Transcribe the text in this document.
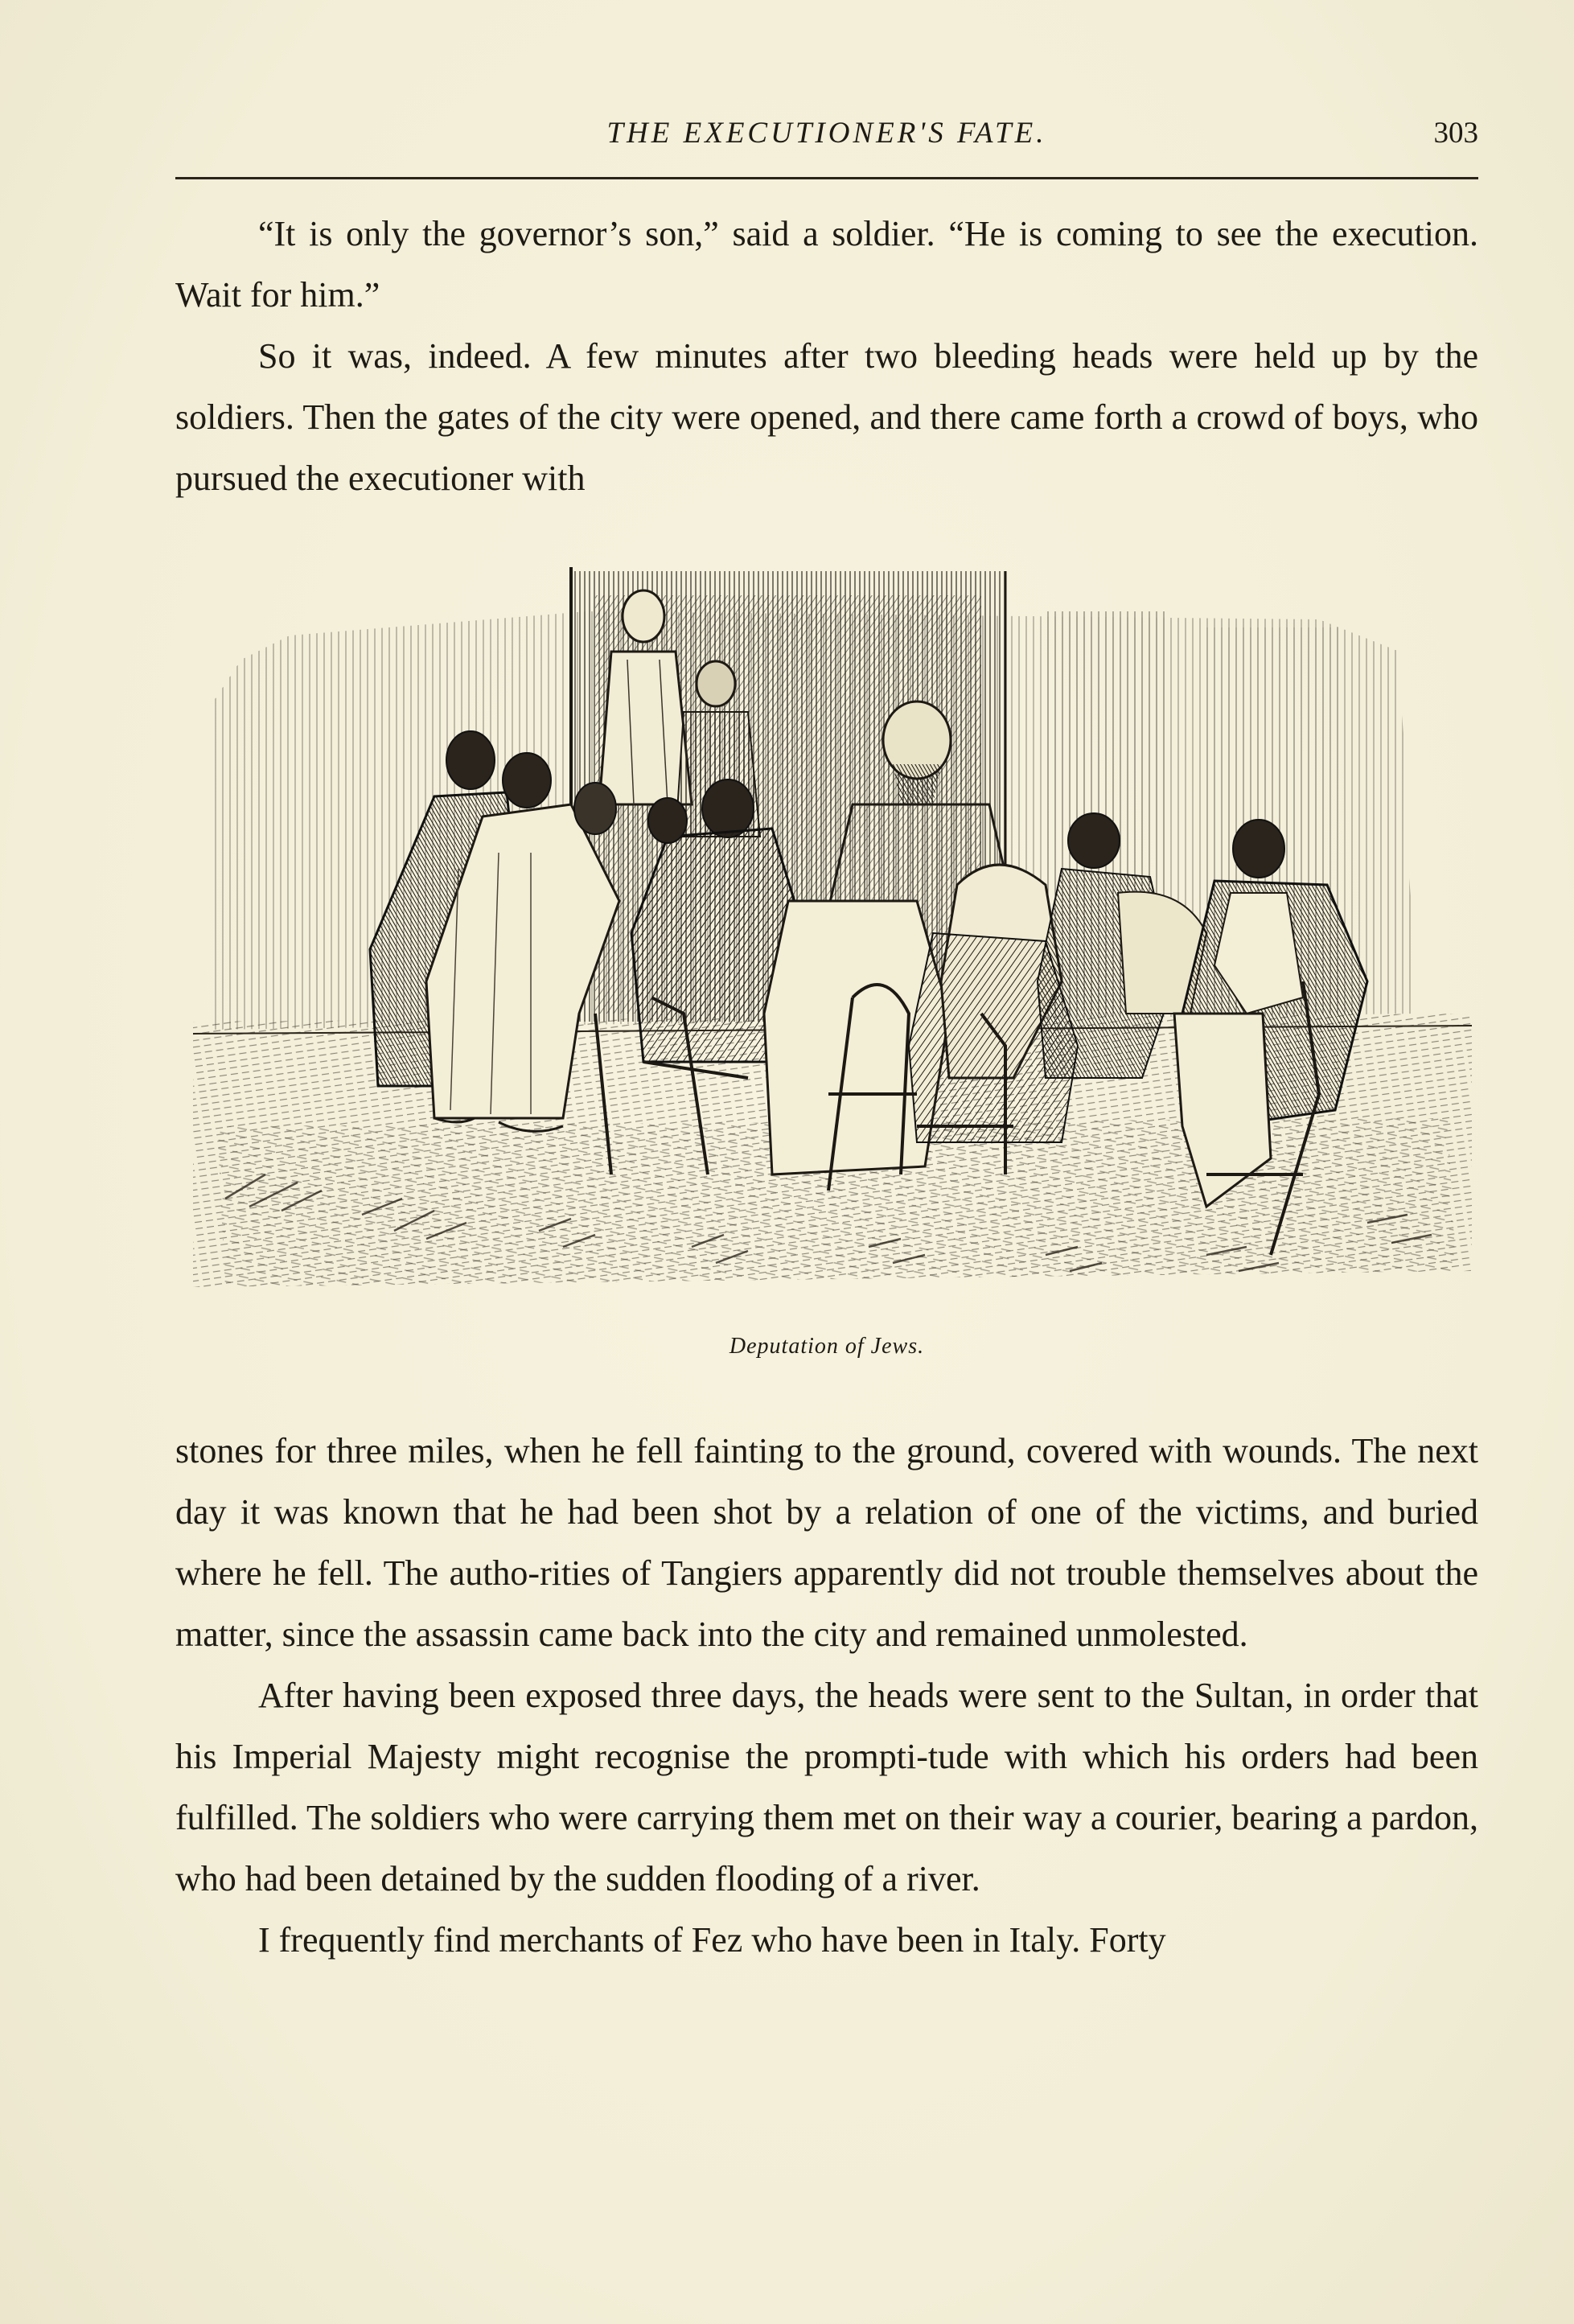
THE EXECUTIONER'S FATE.	303

“It is only the governor’s son,” said a soldier. “He is coming to see the execution. Wait for him.”

So it was, indeed. A few minutes after two bleeding heads were held up by the soldiers. Then the gates of the city were opened, and there came forth a crowd of boys, who pursued the executioner with

Deputation of Jews.

stones for three miles, when he fell fainting to the ground, covered with wounds. The next day it was known that he had been shot by a relation of one of the victims, and buried where he fell. The autho-rities of Tangiers apparently did not trouble themselves about the matter, since the assassin came back into the city and remained unmolested.

After having been exposed three days, the heads were sent to the Sultan, in order that his Imperial Majesty might recognise the prompti-tude with which his orders had been fulfilled. The soldiers who were carrying them met on their way a courier, bearing a pardon, who had been detained by the sudden flooding of a river.

I frequently find merchants of Fez who have been in Italy. Forty
